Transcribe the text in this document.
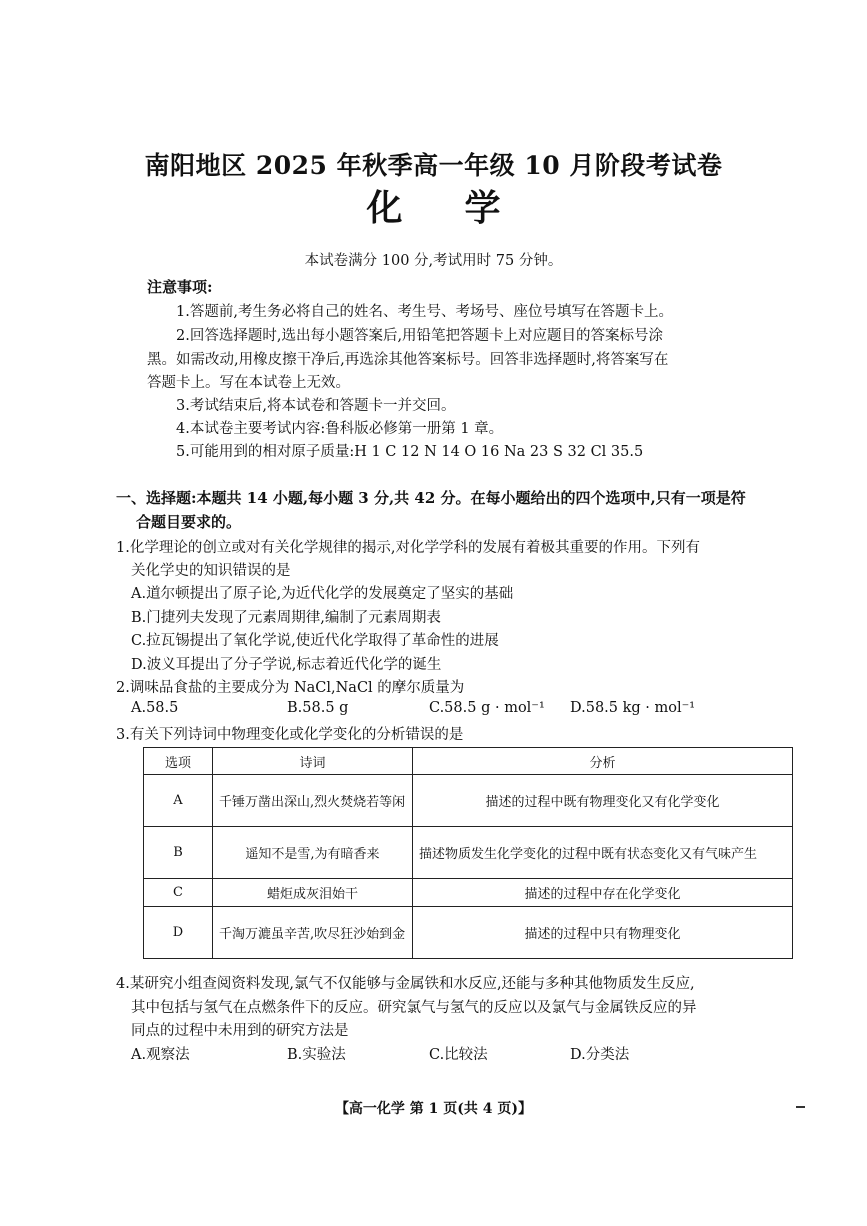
南阳地区 2025 年秋季高一年级 10 月阶段考试卷
化学
本试卷满分 100 分,考试用时 75 分钟。
注意事项:
1.答题前,考生务必将自己的姓名、考生号、考场号、座位号填写在答题卡上。
2.回答选择题时,选出每小题答案后,用铅笔把答题卡上对应题目的答案标号涂
黑。如需改动,用橡皮擦干净后,再选涂其他答案标号。回答非选择题时,将答案写在
答题卡上。写在本试卷上无效。
3.考试结束后,将本试卷和答题卡一并交回。
4.本试卷主要考试内容:鲁科版必修第一册第 1 章。
5.可能用到的相对原子质量:H 1 C 12 N 14 O 16 Na 23 S 32 Cl 35.5
一、选择题:本题共 14 小题,每小题 3 分,共 42 分。在每小题给出的四个选项中,只有一项是符
合题目要求的。
1.化学理论的创立或对有关化学规律的揭示,对化学学科的发展有着极其重要的作用。下列有
关化学史的知识错误的是
A.道尔顿提出了原子论,为近代化学的发展奠定了坚实的基础
B.门捷列夫发现了元素周期律,编制了元素周期表
C.拉瓦锡提出了氧化学说,使近代化学取得了革命性的进展
D.波义耳提出了分子学说,标志着近代化学的诞生
2.调味品食盐的主要成分为 NaCl,NaCl 的摩尔质量为
A.58.5	B.58.5 g	C.58.5 g · mol⁻¹ D.58.5 kg · mol⁻¹
3.有关下列诗词中物理变化或化学变化的分析错误的是
选项	诗词	分析
A	千锤万凿出深山,烈火焚烧若等闲	描述的过程中既有物理变化又有化学变化
B	遥知不是雪,为有暗香来	描述物质发生化学变化的过程中既有状态变化又有气味产生
C	蜡炬成灰泪始干	描述的过程中存在化学变化
D	千淘万漉虽辛苦,吹尽狂沙始到金	描述的过程中只有物理变化
4.某研究小组查阅资料发现,氯气不仅能够与金属铁和水反应,还能与多种其他物质发生反应,
其中包括与氢气在点燃条件下的反应。研究氯气与氢气的反应以及氯气与金属铁反应的异
同点的过程中未用到的研究方法是
A.观察法	B.实验法	C.比较法	D.分类法
【高一化学 第 1 页(共 4 页)】
